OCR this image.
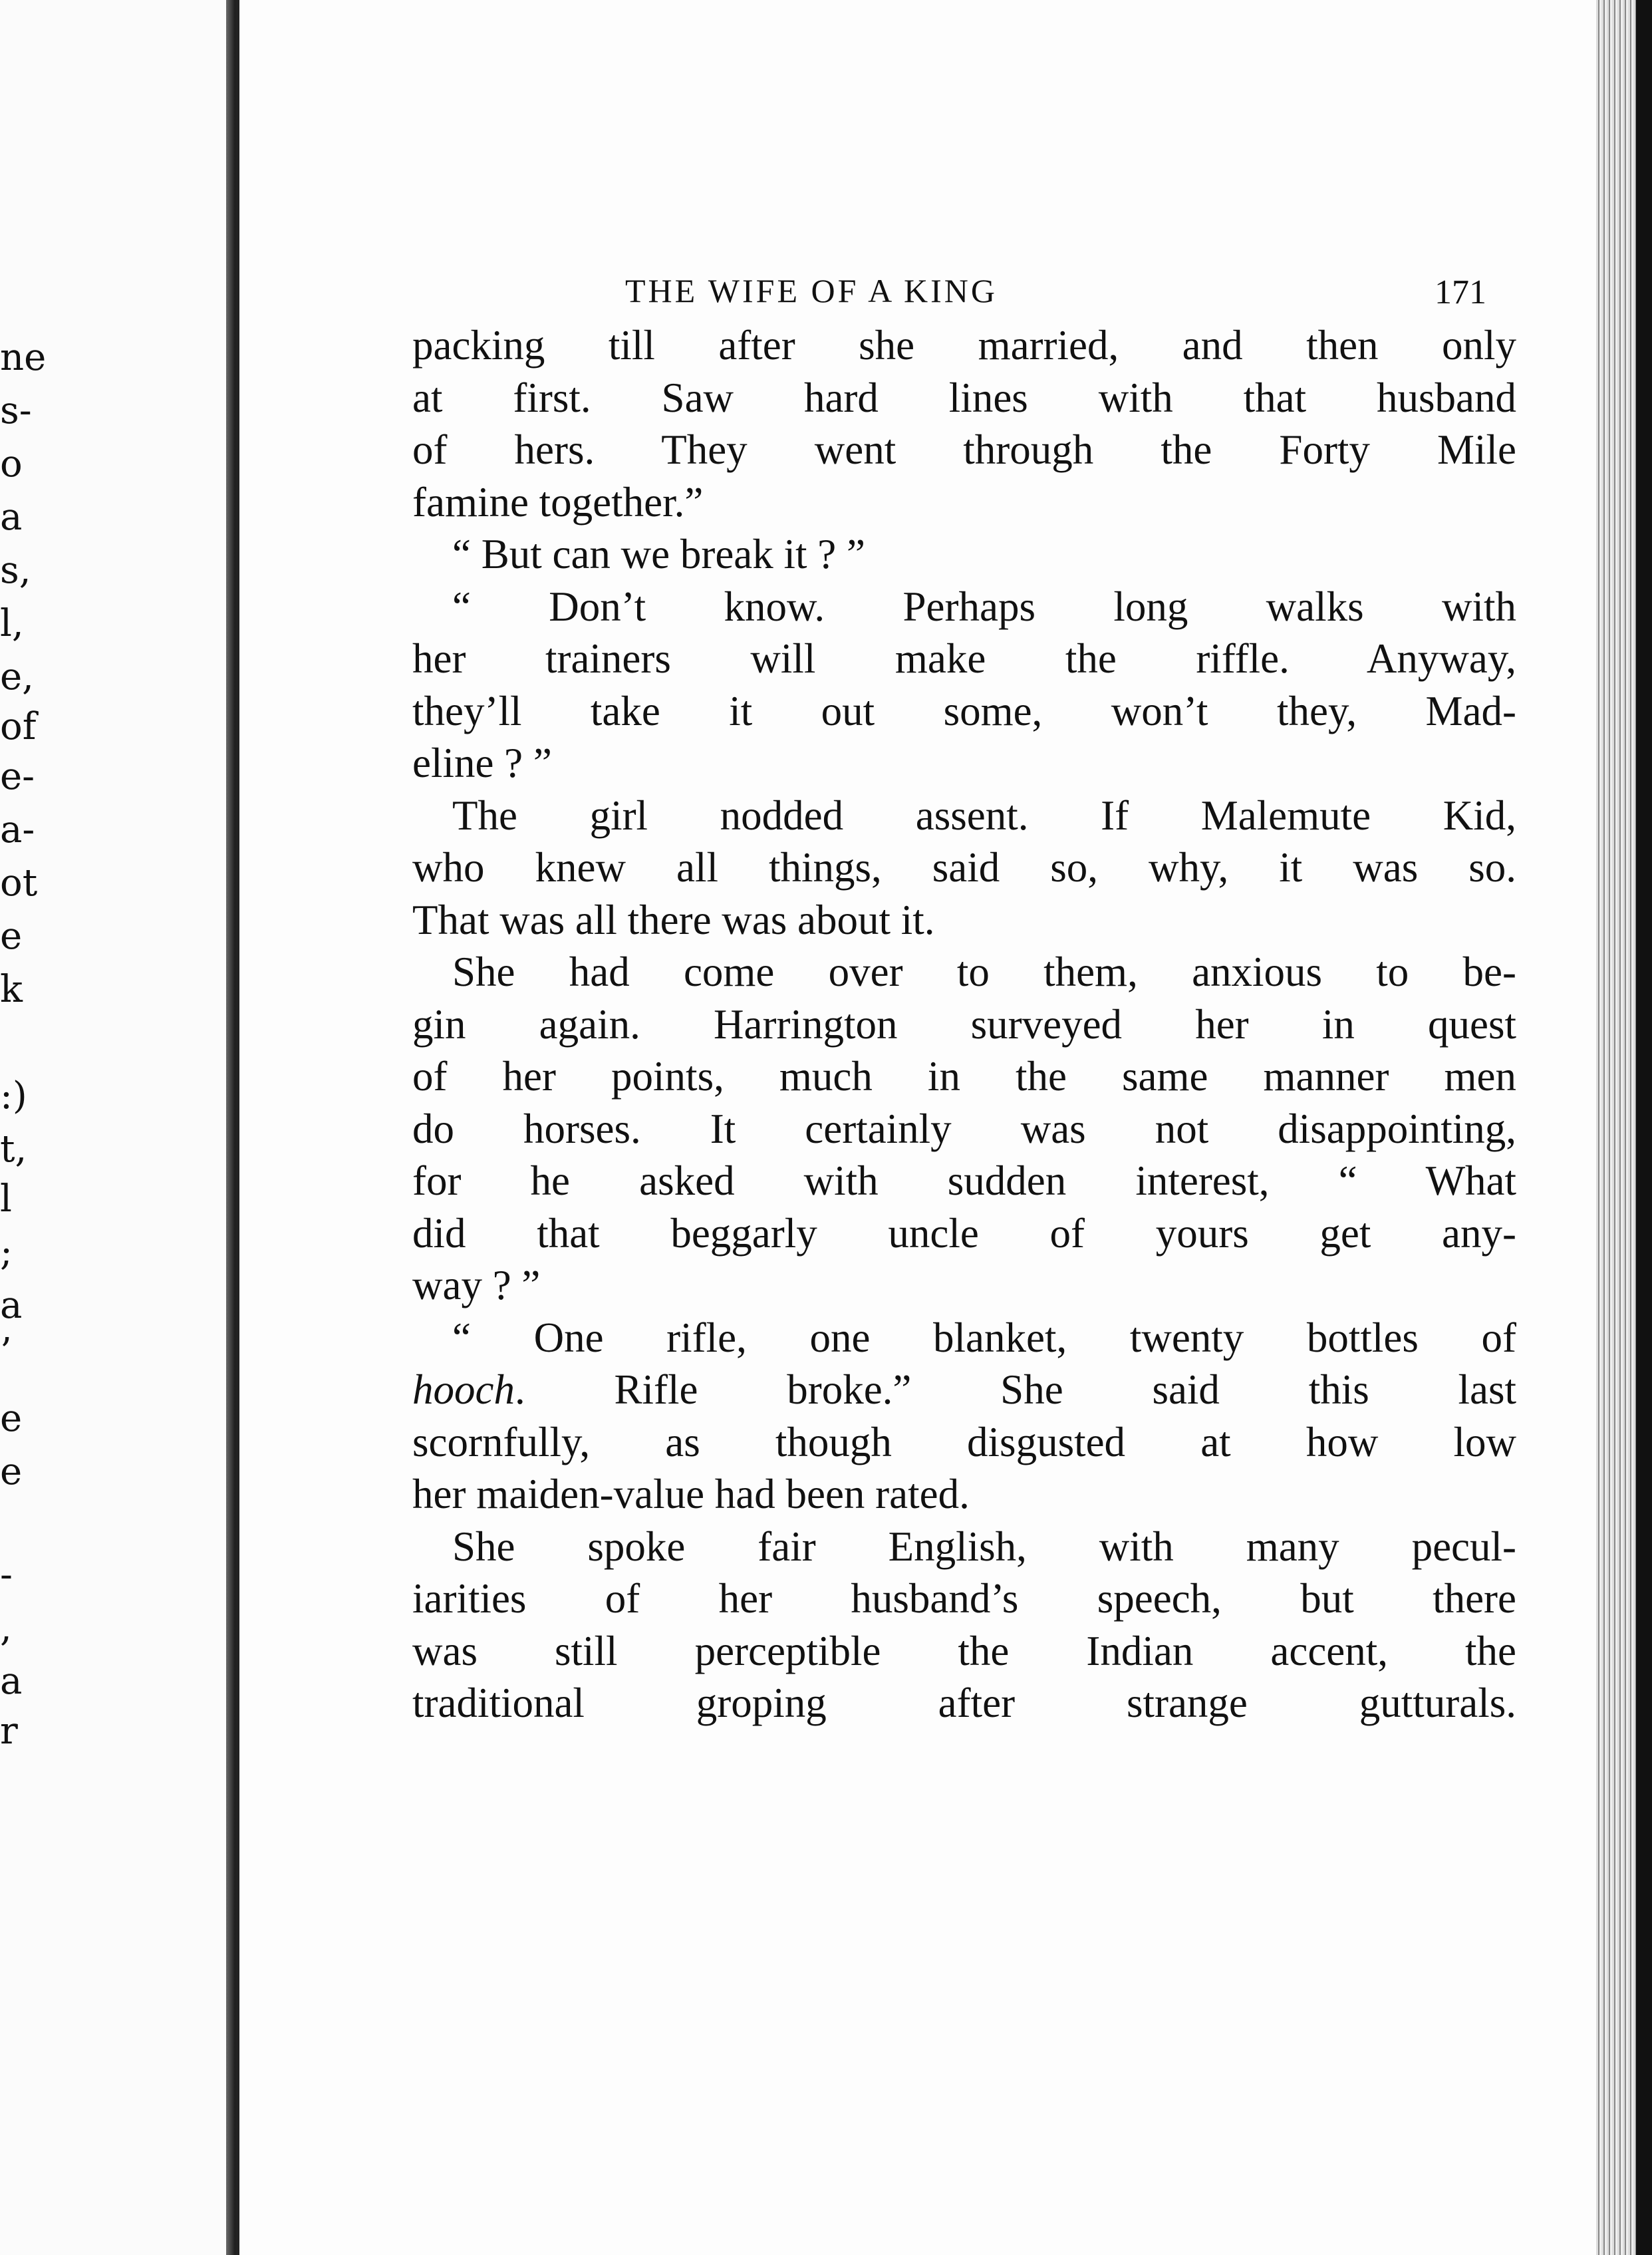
ne
s-
o
a
s,
l,
e,
of
e-
a-
ot
e
k
:)
t,
l
;
a
’
e
e
-
,
a
r
THE WIFE OF A KING	171

packing till after she married, and then only
at first. Saw hard lines with that husband
of hers. They went through the Forty Mile
famine together.”

“ But can we break it ? ”

“ Don’t know. Perhaps long walks with
her trainers will make the riffle. Anyway,
they’ll take it out some, won’t they, Mad-
eline ? ”

The girl nodded assent. If Malemute Kid,
who knew all things, said so, why, it was so.
That was all there was about it.

She had come over to them, anxious to be-
gin again. Harrington surveyed her in quest
of her points, much in the same manner men
do horses. It certainly was not disappointing,
for he asked with sudden interest, “ What
did that beggarly uncle of yours get any-
way ? ”

“ One rifle, one blanket, twenty bottles of
hooch. Rifle broke.” She said this last
scornfully, as though disgusted at how low
her maiden-value had been rated.

She spoke fair English, with many pecul-
iarities of her husband’s speech, but there
was still perceptible the Indian accent, the
traditional groping after strange gutturals.
